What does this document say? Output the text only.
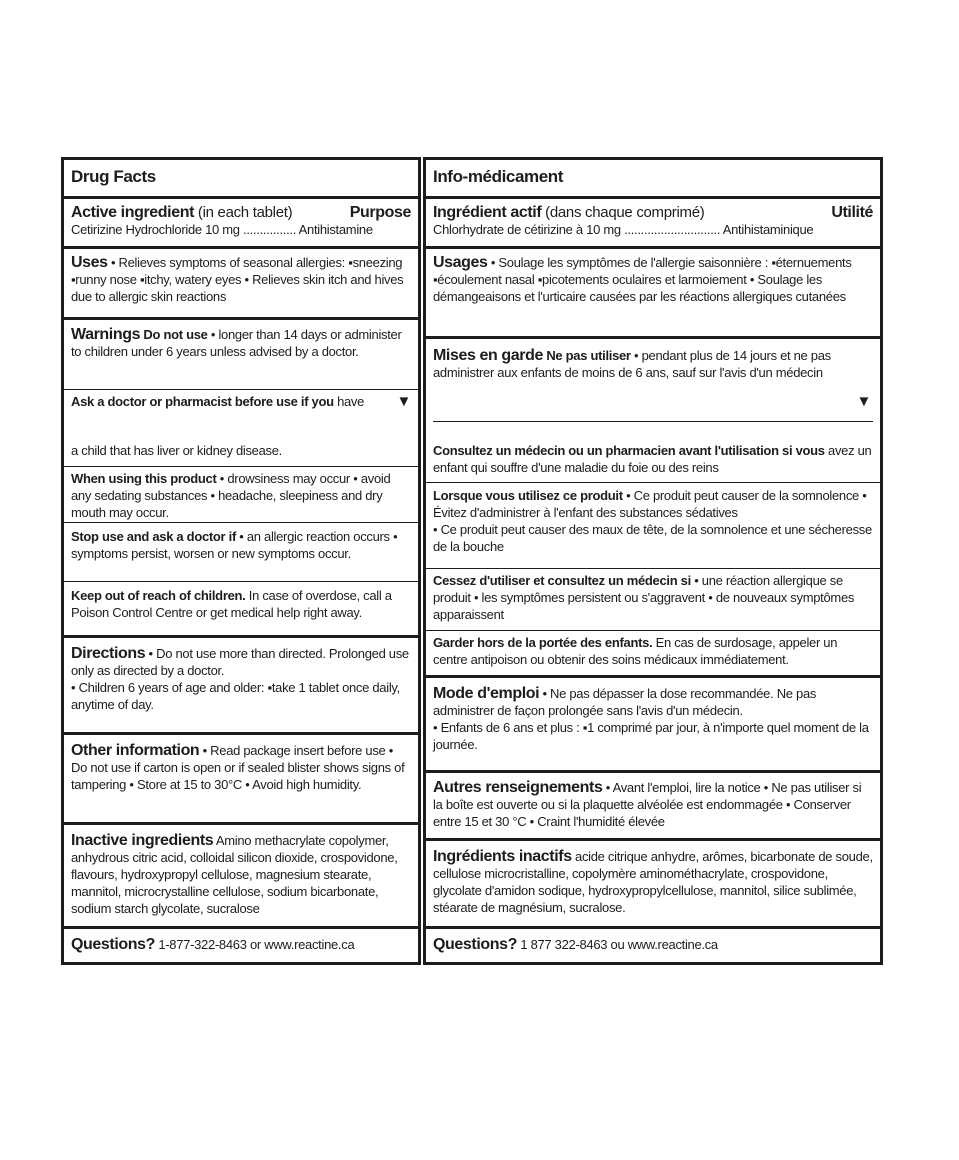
Drug Facts
Active ingredient (in each tablet)	Purpose
Cetirizine Hydrochloride 10 mg ................ Antihistamine
Uses • Relieves symptoms of seasonal allergies: ▪sneezing ▪runny nose ▪itchy, watery eyes • Relieves skin itch and hives due to allergic skin reactions
Warnings Do not use • longer than 14 days or administer to children under 6 years unless advised by a doctor.
Ask a doctor or pharmacist before use if you have ▼
a child that has liver or kidney disease.
When using this product • drowsiness may occur • avoid any sedating substances • headache, sleepiness and dry mouth may occur.
Stop use and ask a doctor if • an allergic reaction occurs • symptoms persist, worsen or new symptoms occur.
Keep out of reach of children. In case of overdose, call a Poison Control Centre or get medical help right away.
Directions • Do not use more than directed. Prolonged use only as directed by a doctor.
• Children 6 years of age and older: ▪take 1 tablet once daily, anytime of day.
Other information • Read package insert before use • Do not use if carton is open or if sealed blister shows signs of tampering • Store at 15 to 30°C • Avoid high humidity.
Inactive ingredients Amino methacrylate copolymer, anhydrous citric acid, colloidal silicon dioxide, crospovidone, flavours, hydroxypropyl cellulose, magnesium stearate, mannitol, microcrystalline cellulose, sodium bicarbonate, sodium starch glycolate, sucralose
Questions? 1-877-322-8463 or www.reactine.ca
Info-médicament
Ingrédient actif (dans chaque comprimé)	Utilité
Chlorhydrate de cétirizine à 10 mg ............................. Antihistaminique
Usages • Soulage les symptômes de l'allergie saisonnière : ▪éternuements ▪écoulement nasal ▪picotements oculaires et larmoiement • Soulage les démangeaisons et l'urticaire causées par les réactions allergiques cutanées
Mises en garde Ne pas utiliser • pendant plus de 14 jours et ne pas administrer aux enfants de moins de 6 ans, sauf sur l'avis d'un médecin
▼
Consultez un médecin ou un pharmacien avant l'utilisation si vous avez un enfant qui souffre d'une maladie du foie ou des reins
Lorsque vous utilisez ce produit • Ce produit peut causer de la somnolence • Évitez d'administrer à l'enfant des substances sédatives
• Ce produit peut causer des maux de tête, de la somnolence et une sécheresse de la bouche
Cessez d'utiliser et consultez un médecin si • une réaction allergique se produit • les symptômes persistent ou s'aggravent • de nouveaux symptômes apparaissent
Garder hors de la portée des enfants. En cas de surdosage, appeler un centre antipoison ou obtenir des soins médicaux immédiatement.
Mode d'emploi • Ne pas dépasser la dose recommandée. Ne pas administrer de façon prolongée sans l'avis d'un médecin.
• Enfants de 6 ans et plus : ▪1 comprimé par jour, à n'importe quel moment de la journée.
Autres renseignements • Avant l'emploi, lire la notice • Ne pas utiliser si la boîte est ouverte ou si la plaquette alvéolée est endommagée • Conserver entre 15 et 30 °C • Craint l'humidité élevée
Ingrédients inactifs acide citrique anhydre, arômes, bicarbonate de soude, cellulose microcristalline, copolymère aminométhacrylate, crospovidone, glycolate d'amidon sodique, hydroxypropylcellulose, mannitol, silice sublimée, stéarate de magnésium, sucralose.
Questions? 1 877 322-8463 ou www.reactine.ca
